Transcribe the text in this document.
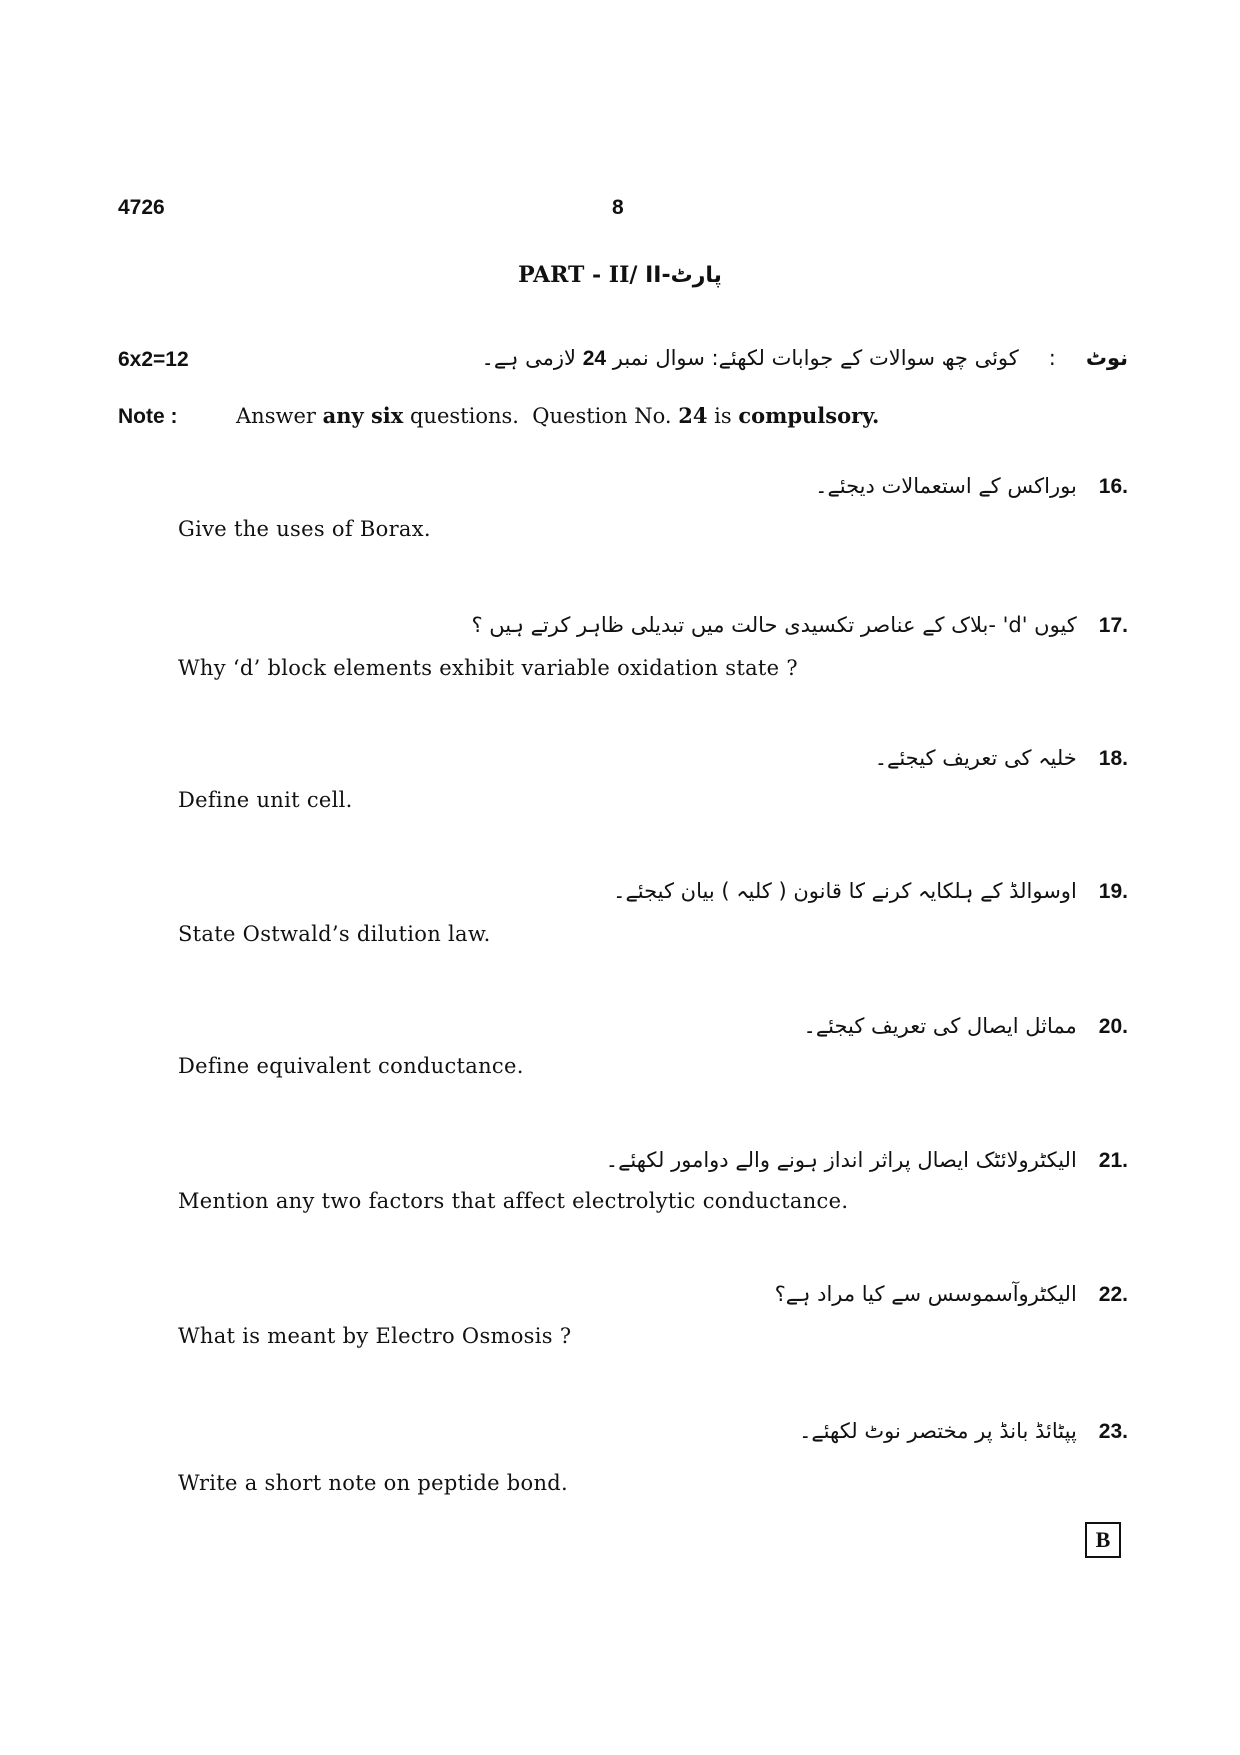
4726	8
PART - II/ II-پارٹ
6x2=12	نوٹ:کوئی چھ سوالات کے جوابات لکھئے: سوال نمبر 24 لازمی ہے۔
Note :	Answer any six questions.  Question No. 24 is compulsory.
16.بوراکس کے استعمالات دیجئے۔
Give the uses of Borax.
17.کیوں 'd' -بلاک کے عناصر تکسیدی حالت میں تبدیلی ظاہر کرتے ہیں ؟
Why ‘d’ block elements exhibit variable oxidation state ?
18.خلیہ کی تعریف کیجئے۔
Define unit cell.
19.اوسوالڈ کے ہلکایہ کرنے کا قانون ( کلیہ ) بیان کیجئے۔
State Ostwald’s dilution law.
20.مماثل ایصال کی تعریف کیجئے۔
Define equivalent conductance.
21.الیکٹرولائٹک ایصال پراثر انداز ہونے والے دوامور لکھئے۔
Mention any two factors that affect electrolytic conductance.
22.الیکٹروآسموسس سے کیا مراد ہے؟
What is meant by Electro Osmosis ?
23.پپٹائڈ بانڈ پر مختصر نوٹ لکھئے۔
Write a short note on peptide bond.
B
